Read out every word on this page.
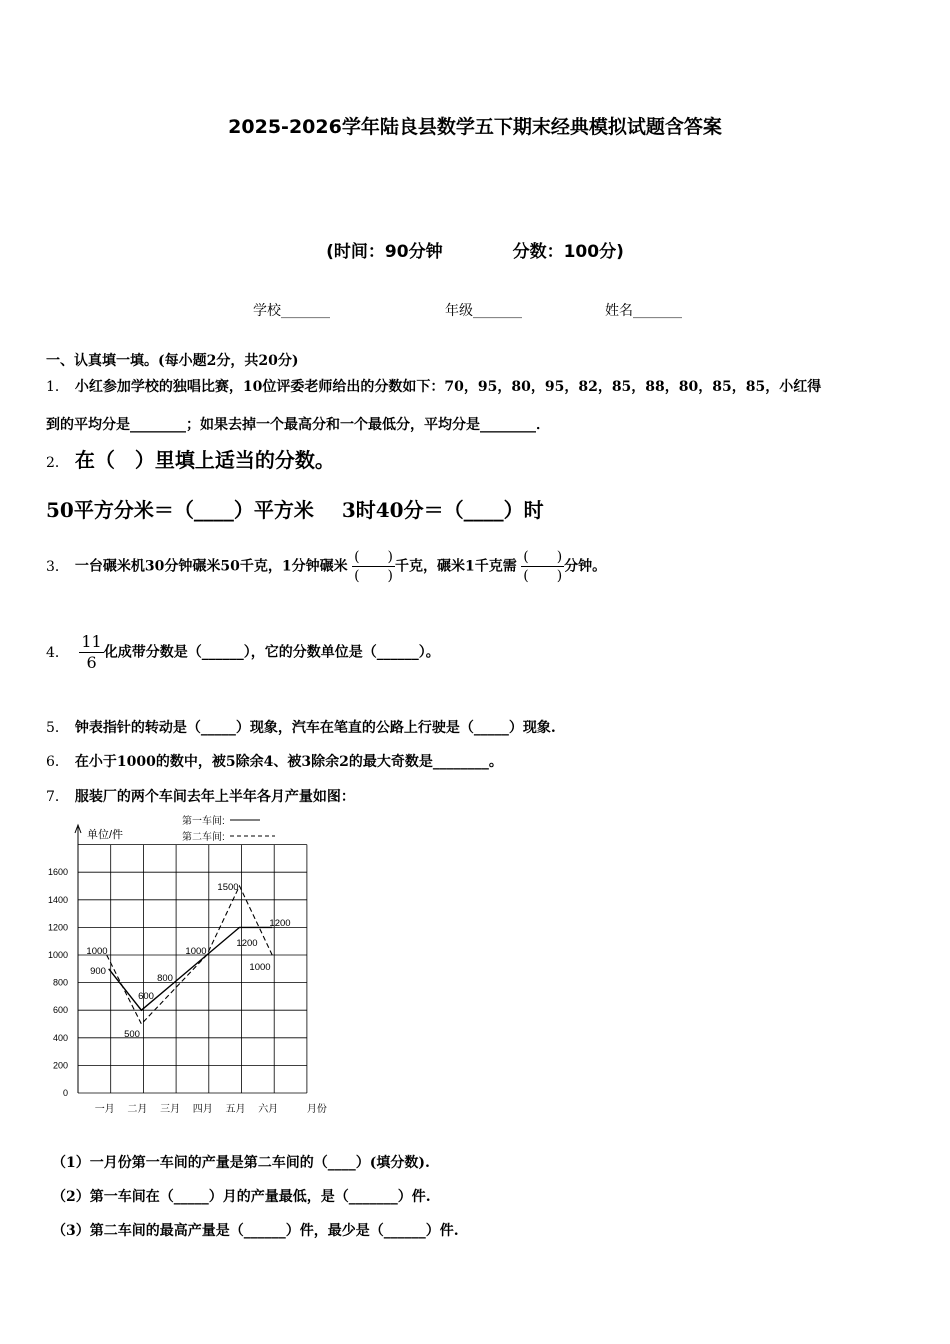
2025-2026学年陆良县数学五下期末经典模拟试题含答案
(时间：90分钟	分数：100分)
学校_______	年级_______	姓名_______
一、认真填一填。(每小题2分，共20分)
1． 小红参加学校的独唱比赛，10位评委老师给出的分数如下：70，95，80，95，82，85，88，80，85，85，小红得
到的平均分是________；如果去掉一个最高分和一个最低分，平均分是________．
2． 在（　）里填上适当的分数。
50平方分米＝（____）平方米 3时40分＝（____）时
3． 一台碾米机30分钟碾米50千克，1分钟碾米 $\frac{( )}{( )}$ 千克，碾米1千克需 $\frac{( )}{( )}$ 分钟。
4． $\frac{11}{6}$ 化成带分数是（______），它的分数单位是（______）。
5． 钟表指针的转动是（_____）现象，汽车在笔直的公路上行驶是（_____）现象.
6． 在小于1000的数中，被5除余4、被3除余2的最大奇数是________。
7． 服装厂的两个车间去年上半年各月产量如图：
单位/件
0
200
400
600
800
1000
1200
1400
1600
一月 二月 三月 四月 五月 六月	月份
第一车间:
第二车间:
1000
900
600
500
800
1000
1500
1200
1200
1000
（1）一月份第一车间的产量是第二车间的（____）(填分数).
（2）第一车间在（_____）月的产量最低，是（_______）件.
（3）第二车间的最高产量是（______）件，最少是（______）件.
